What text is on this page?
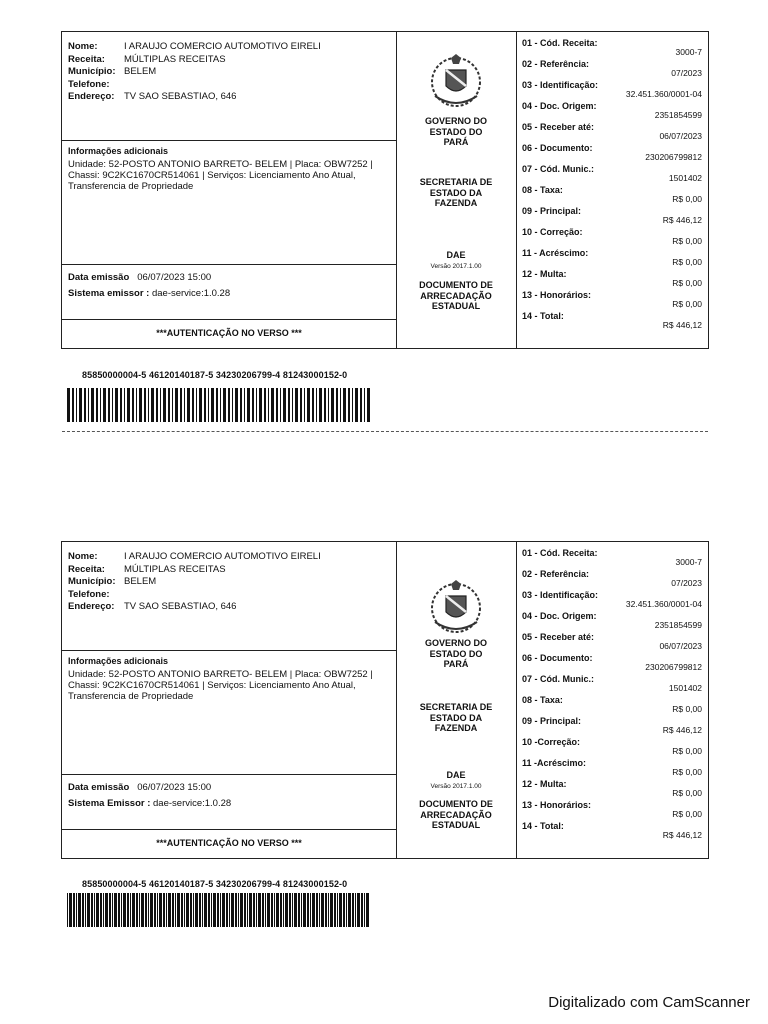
Nome:	I ARAUJO COMERCIO AUTOMOTIVO EIRELI
Receita: MÚLTIPLAS RECEITAS
Município: BELEM
Telefone:
Endereço: TV SAO SEBASTIAO, 646
Informações adicionais
Unidade: 52-POSTO ANTONIO BARRETO- BELEM | Placa: OBW7252 | Chassi: 9C2KC1670CR514061 | Serviços: Licenciamento Ano Atual, Transferencia de Propriedade
Data emissão 06/07/2023 15:00
Sistema emissor : dae-service:1.0.28
***AUTENTICAÇÃO NO VERSO ***
GOVERNO DO ESTADO DO PARÁ
SECRETARIA DE ESTADO DA FAZENDA
DAE
Versão 2017.1.00
DOCUMENTO DE ARRECADAÇÃO ESTADUAL
01 - Cód. Receita:
3000-7
02 - Referência:
07/2023
03 - Identificação:
32.451.360/0001-04
04 - Doc. Origem:
2351854599
05 - Receber até:
06/07/2023
06 - Documento:
230206799812
07 - Cód. Munic.:
1501402
08 - Taxa:
R$ 0,00
09 - Principal:
R$ 446,12
10 - Correção:
R$ 0,00
11 - Acréscimo:
R$ 0,00
12 - Multa:
R$ 0,00
13 - Honorários:
R$ 0,00
14 - Total:
R$ 446,12
85850000004-5 46120140187-5 34230206799-4 81243000152-0
Nome:	I ARAUJO COMERCIO AUTOMOTIVO EIRELI
Receita: MÚLTIPLAS RECEITAS
Município: BELEM
Telefone:
Endereço: TV SAO SEBASTIAO, 646
Informações adicionais
Unidade: 52-POSTO ANTONIO BARRETO- BELEM | Placa: OBW7252 | Chassi: 9C2KC1670CR514061 | Serviços: Licenciamento Ano Atual, Transferencia de Propriedade
Data emissão 06/07/2023 15:00
Sistema Emissor : dae-service:1.0.28
***AUTENTICAÇÃO NO VERSO ***
GOVERNO DO ESTADO DO PARÁ
SECRETARIA DE ESTADO DA FAZENDA
DAE
Versão 2017.1.00
DOCUMENTO DE ARRECADAÇÃO ESTADUAL
01 - Cód. Receita:
3000-7
02 - Referência:
07/2023
03 - Identificação:
32.451.360/0001-04
04 - Doc. Origem:
2351854599
05 - Receber até:
06/07/2023
06 - Documento:
230206799812
07 - Cód. Munic.:
1501402
08 - Taxa:
R$ 0,00
09 - Principal:
R$ 446,12
10 -Correção:
R$ 0,00
11 -Acréscimo:
R$ 0,00
12 - Multa:
R$ 0,00
13 - Honorários:
R$ 0,00
14 - Total:
R$ 446,12
85850000004-5 46120140187-5 34230206799-4 81243000152-0
Digitalizado com CamScanner
